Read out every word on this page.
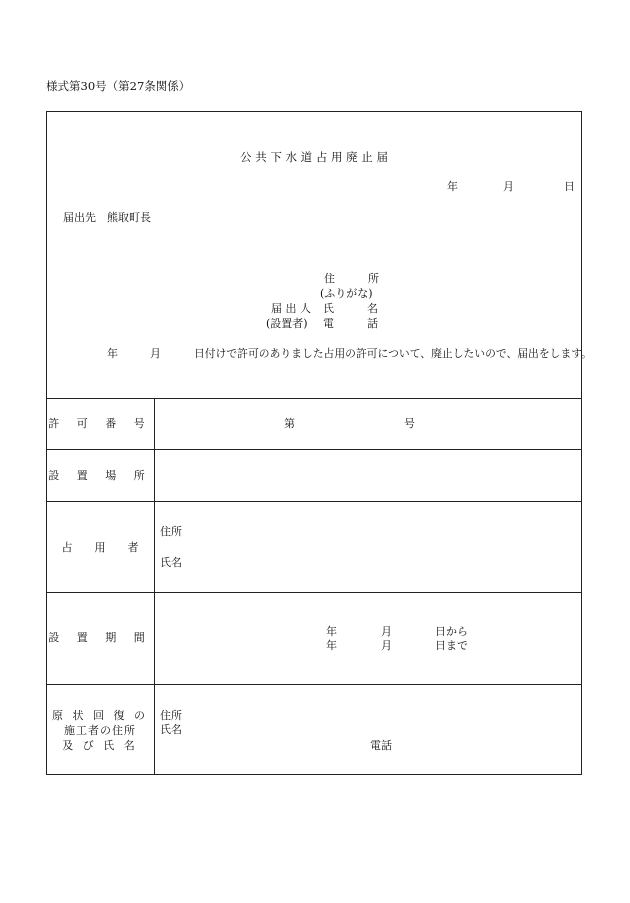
様式第30号（第27条関係）
公 共 下 水 道 占 用 廃 止 届
年	月	日
届出先　熊取町長
住　　　所
(ふりがな)
届 出 人 氏　　　名
(設置者) 電　　　話
年	月	日付けで許可のありました占用の許可について、廃止したいので、届出をします。
許 可 番 号	第	号
設 置 場 所
占　　用　　者
住所
氏名
設 置 期 間	年	月	日から
年	月	日まで
原 状 回 復 の
施工者の住所
及 び 氏 名
住所
氏名
電話
